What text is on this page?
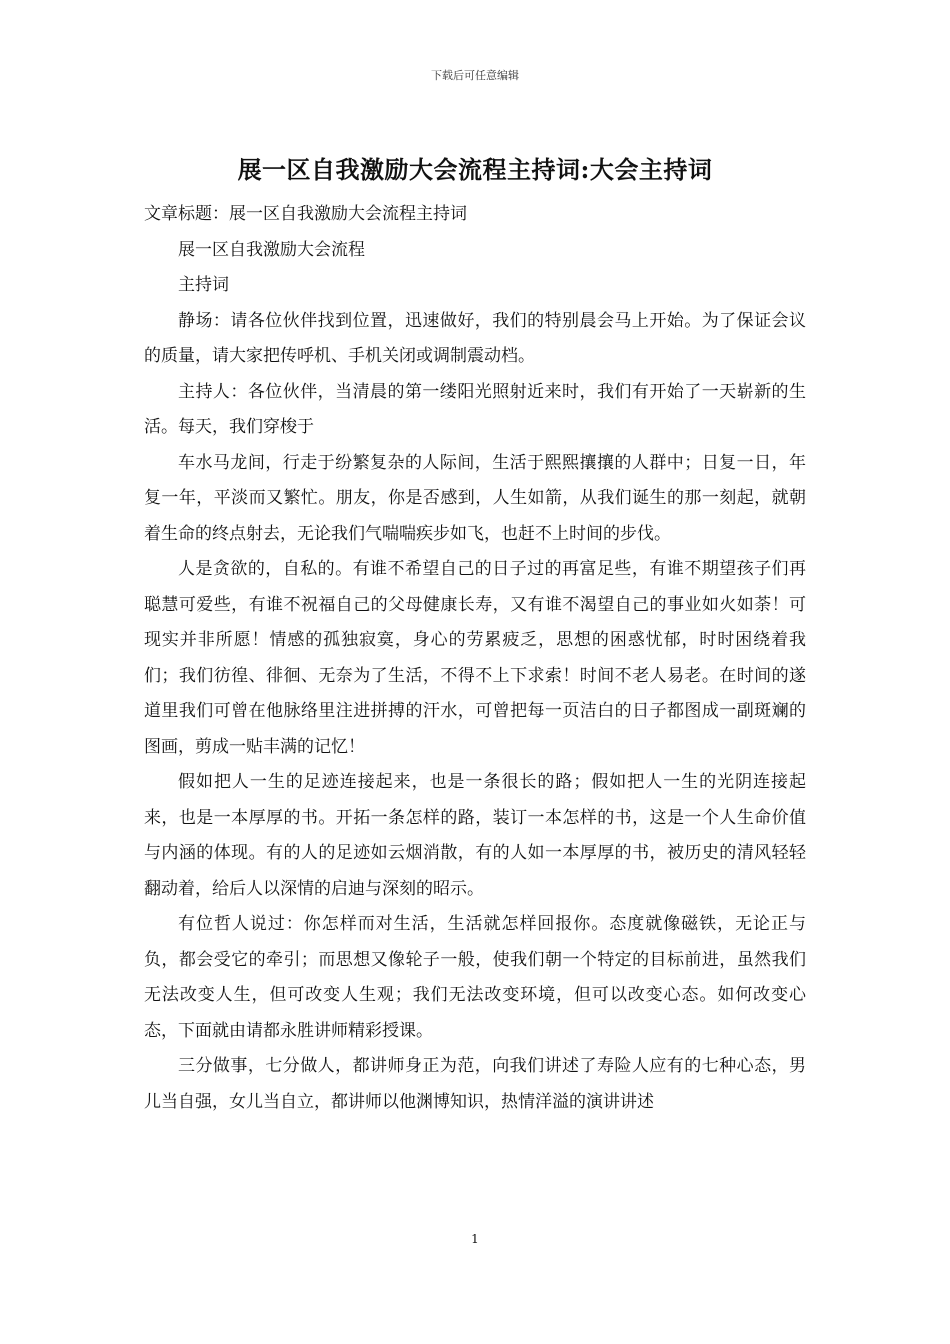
下载后可任意编辑
展一区自我激励大会流程主持词:大会主持词

文章标题：展一区自我激励大会流程主持词

展一区自我激励大会流程

主持词

静场：请各位伙伴找到位置，迅速做好，我们的特别晨会马上开始。为了保证会议的质量，请大家把传呼机、手机关闭或调制震动档。

主持人：各位伙伴，当清晨的第一缕阳光照射近来时，我们有开始了一天崭新的生活。每天，我们穿梭于

车水马龙间，行走于纷繁复杂的人际间，生活于熙熙攘攘的人群中；日复一日，年复一年，平淡而又繁忙。朋友，你是否感到，人生如箭，从我们诞生的那一刻起，就朝着生命的终点射去，无论我们气喘喘疾步如飞，也赶不上时间的步伐。

人是贪欲的，自私的。有谁不希望自己的日子过的再富足些，有谁不期望孩子们再聪慧可爱些，有谁不祝福自己的父母健康长寿，又有谁不渴望自己的事业如火如荼！可现实并非所愿！情感的孤独寂寞，身心的劳累疲乏，思想的困惑忧郁，时时困绕着我们；我们彷徨、徘徊、无奈为了生活，不得不上下求索！时间不老人易老。在时间的遂道里我们可曾在他脉络里注进拼搏的汗水，可曾把每一页洁白的日子都图成一副斑斓的图画，剪成一贴丰满的记忆！

假如把人一生的足迹连接起来，也是一条很长的路；假如把人一生的光阴连接起来，也是一本厚厚的书。开拓一条怎样的路，装订一本怎样的书，这是一个人生命价值与内涵的体现。有的人的足迹如云烟消散，有的人如一本厚厚的书，被历史的清风轻轻翻动着，给后人以深情的启迪与深刻的昭示。

有位哲人说过：你怎样而对生活，生活就怎样回报你。态度就像磁铁，无论正与负，都会受它的牵引；而思想又像轮子一般，使我们朝一个特定的目标前进，虽然我们无法改变人生，但可改变人生观；我们无法改变环境，但可以改变心态。如何改变心态，下面就由请都永胜讲师精彩授课。

三分做事，七分做人，都讲师身正为范，向我们讲述了寿险人应有的七种心态，男儿当自强，女儿当自立，都讲师以他渊博知识，热情洋溢的演讲讲述

1
